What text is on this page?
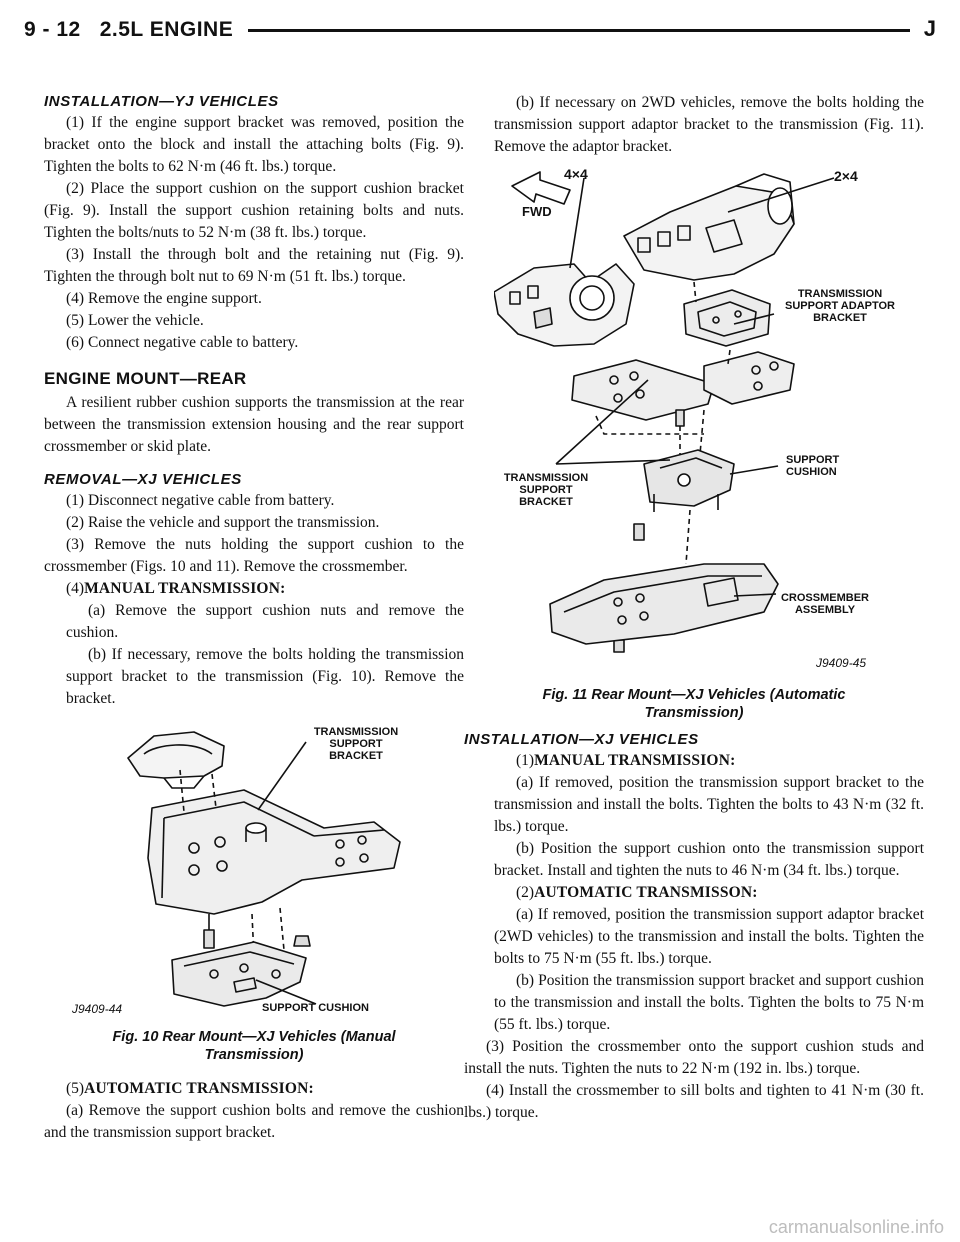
9 - 12 2.5L ENGINE	J
INSTALLATION—YJ VEHICLES

(1) If the engine support bracket was removed, position the bracket onto the block and install the attaching bolts (Fig. 9). Tighten the bolts to 62 N·m (46 ft. lbs.) torque.

(2) Place the support cushion on the support cushion bracket (Fig. 9). Install the support cushion retaining bolts and nuts. Tighten the bolts/nuts to 52 N·m (38 ft. lbs.) torque.

(3) Install the through bolt and the retaining nut (Fig. 9). Tighten the through bolt nut to 69 N·m (51 ft. lbs.) torque.

(4) Remove the engine support.

(5) Lower the vehicle.

(6) Connect negative cable to battery.

ENGINE MOUNT—REAR

A resilient rubber cushion supports the transmission at the rear between the transmission extension housing and the rear support crossmember or skid plate.

REMOVAL—XJ VEHICLES

(1) Disconnect negative cable from battery.

(2) Raise the vehicle and support the transmission.

(3) Remove the nuts holding the support cushion to the crossmember (Figs. 10 and 11). Remove the crossmember.

(4)MANUAL TRANSMISSION:

(a) Remove the support cushion nuts and remove the cushion.

(b) If necessary, remove the bolts holding the transmission support bracket to the transmission (Fig. 10). Remove the bracket.

TRANSMISSION SUPPORT BRACKET
J9409-44	SUPPORT CUSHION
Fig. 10 Rear Mount—XJ Vehicles (Manual Transmission)

(5)AUTOMATIC TRANSMISSION:

(a) Remove the support cushion bolts and remove the cushion and the transmission support bracket.

(b) If necessary on 2WD vehicles, remove the bolts holding the transmission support adaptor bracket to the transmission (Fig. 11). Remove the adaptor bracket.

4×4	2×4
FWD
TRANSMISSION SUPPORT ADAPTOR BRACKET
SUPPORT CUSHION
TRANSMISSION SUPPORT BRACKET
CROSSMEMBER ASSEMBLY
J9409-45
Fig. 11 Rear Mount—XJ Vehicles (Automatic Transmission)
INSTALLATION—XJ VEHICLES

(1)MANUAL TRANSMISSION:

(a) If removed, position the transmission support bracket to the transmission and install the bolts. Tighten the bolts to 43 N·m (32 ft. lbs.) torque.

(b) Position the support cushion onto the transmission support bracket. Install and tighten the nuts to 46 N·m (34 ft. lbs.) torque.

(2)AUTOMATIC TRANSMISSON:

(a) If removed, position the transmission support adaptor bracket (2WD vehicles) to the transmission and install the bolts. Tighten the bolts to 75 N·m (55 ft. lbs.) torque.

(b) Position the transmission support bracket and support cushion to the transmission and install the bolts. Tighten the bolts to 75 N·m (55 ft. lbs.) torque.

(3) Position the crossmember onto the support cushion studs and install the nuts. Tighten the nuts to 22 N·m (192 in. lbs.) torque.

(4) Install the crossmember to sill bolts and tighten to 41 N·m (30 ft. lbs.) torque.

carmanualsonline.info
